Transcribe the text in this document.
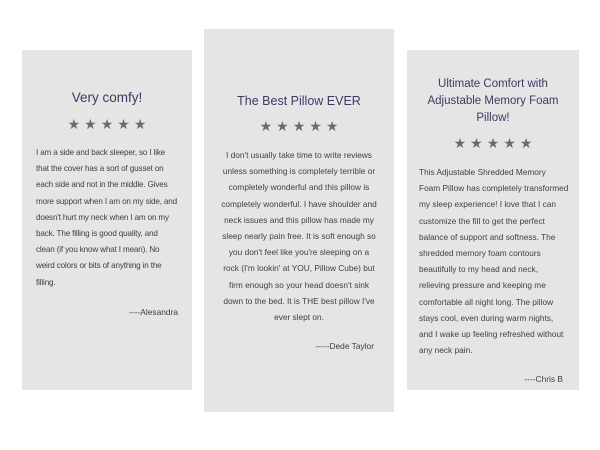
Very comfy!

★★★★★

I am a side and back sleeper, so I like that the cover has a sort of gusset on each side and not in the middle. Gives more support when I am on my side, and doesn't hurt my neck when I am on my back. The filling is good quality, and clean (if you know what I mean). No weird colors or bits of anything in the filling.

----Alesandra

The Best Pillow EVER

★★★★★

I don't usually take time to write reviews unless something is completely terrible or completely wonderful and this pillow is completely wonderful. I have shoulder and neck issues and this pillow has made my sleep nearly pain free. It is soft enough so you don't feel like you're sleeping on a rock (I'm lookin' at YOU, Pillow Cube) but firm enough so your head doesn't sink down to the bed. It is THE best pillow I've ever slept on.

-----Dede Taylor

Ultimate Comfort with Adjustable Memory Foam Pillow!

★★★★★

This Adjustable Shredded Memory Foam Pillow has completely transformed my sleep experience! I love that I can customize the fill to get the perfect balance of support and softness. The shredded memory foam contours beautifully to my head and neck, relieving pressure and keeping me comfortable all night long. The pillow stays cool, even during warm nights, and I wake up feeling refreshed without any neck pain.

----Chris B
